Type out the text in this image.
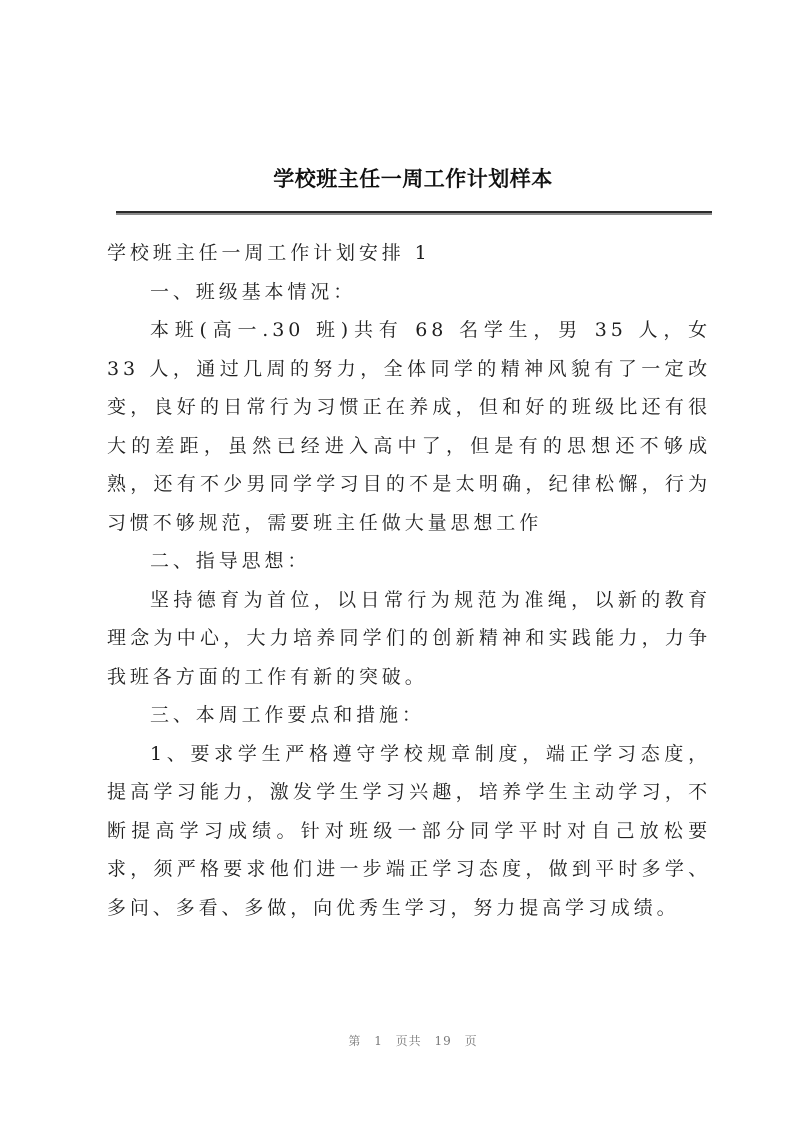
学校班主任一周工作计划样本

学校班主任一周工作计划安排 1

一、班级基本情况：

本班(高一.30 班)共有 68 名学生，男 35 人，女 33 人，通过几周的努力，全体同学的精神风貌有了一定改变，良好的日常行为习惯正在养成，但和好的班级比还有很大的差距，虽然已经进入高中了，但是有的思想还不够成熟，还有不少男同学学习目的不是太明确，纪律松懈，行为习惯不够规范，需要班主任做大量思想工作

二、指导思想：

坚持德育为首位，以日常行为规范为准绳，以新的教育理念为中心，大力培养同学们的创新精神和实践能力，力争我班各方面的工作有新的突破。

三、本周工作要点和措施：

1、要求学生严格遵守学校规章制度，端正学习态度，提高学习能力，激发学生学习兴趣，培养学生主动学习，不断提高学习成绩。针对班级一部分同学平时对自己放松要求，须严格要求他们进一步端正学习态度，做到平时多学、多问、多看、多做，向优秀生学习，努力提高学习成绩。

第 1 页共 19 页
